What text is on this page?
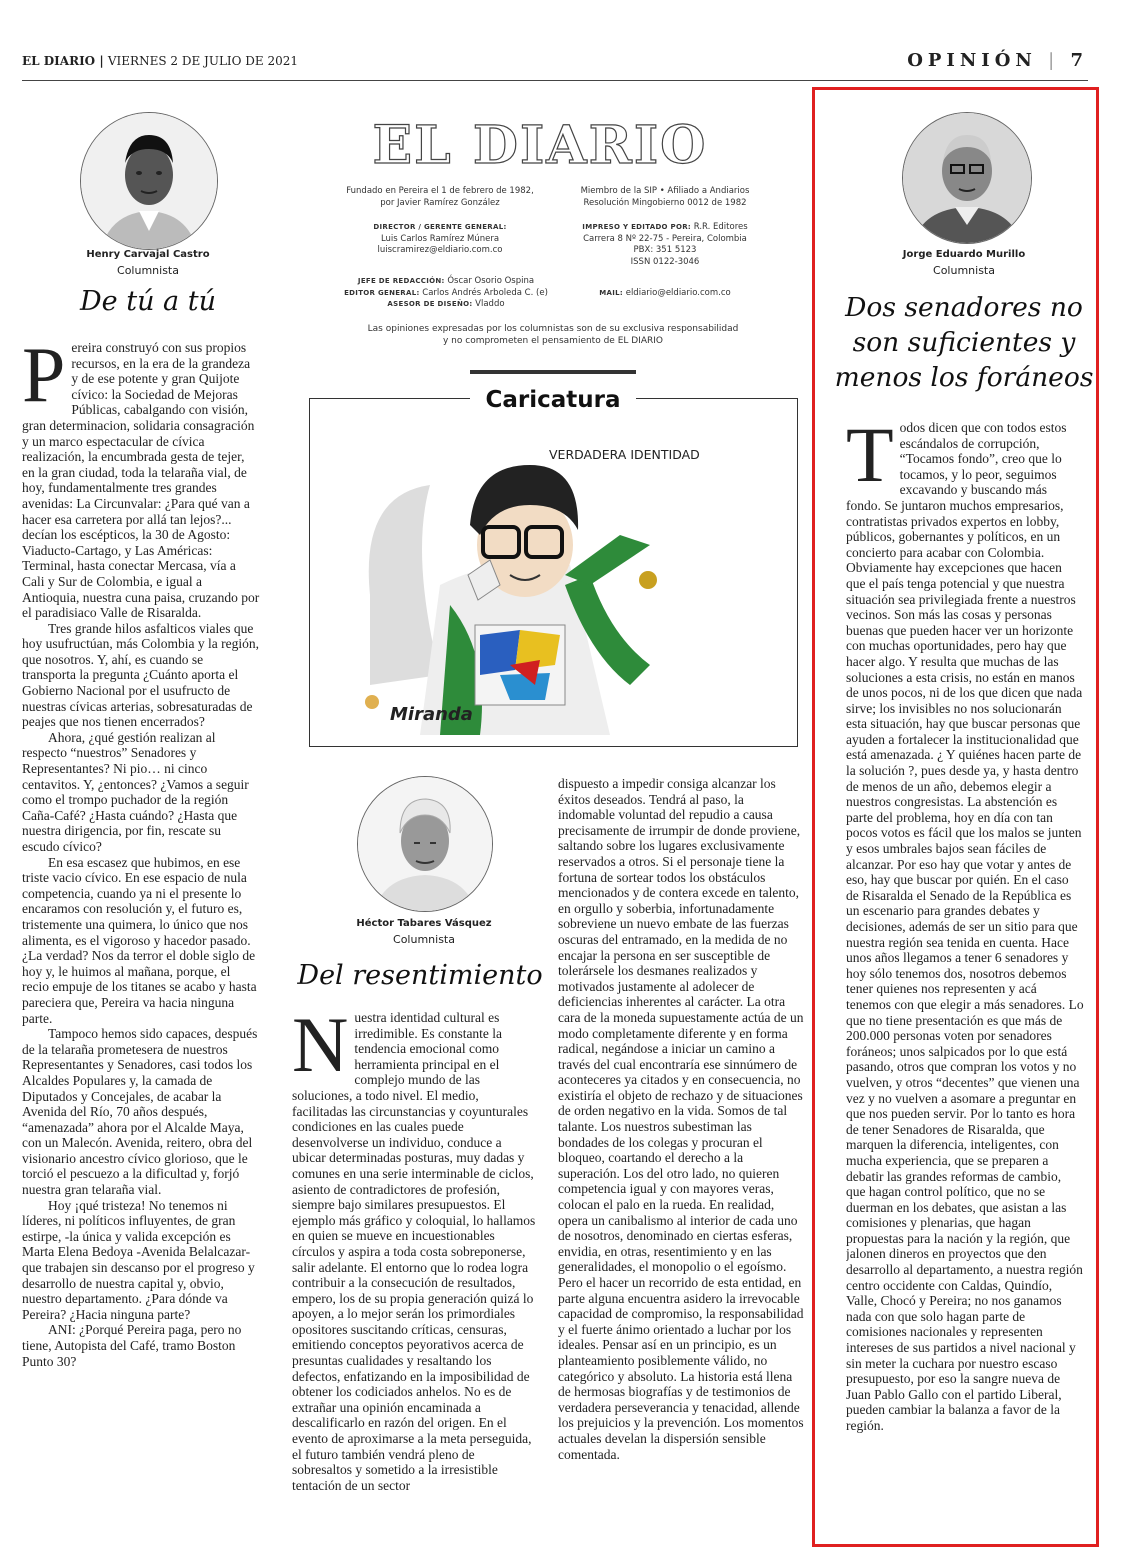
EL DIARIO | VIERNES 2 DE JULIO DE 2021	OPINIÓN | 7
Henry Carvajal Castro
Columnista
De tú a tú

Pereira construyó con sus propios recursos, en la era de la grandeza y de ese potente y gran Quijote cívico: la Sociedad de Mejoras Públicas, cabalgando con visión, gran determinacion, solidaria consagración y un marco espectacular de cívica realización, la encumbrada gesta de tejer, en la gran ciudad, toda la telaraña vial, de hoy, fundamentalmente tres grandes avenidas: La Circunvalar: ¿Para qué van a hacer esa carretera por allá tan lejos?... decían los escépticos, la 30 de Agosto: Viaducto-Cartago, y Las Américas: Terminal, hasta conectar Mercasa, vía a Cali y Sur de Colombia, e igual a Antioquia, nuestra cuna paisa, cruzando por el paradisiaco Valle de Risaralda.

Tres grande hilos asfalticos viales que hoy usufructúan, más Colombia y la región, que nosotros. Y, ahí, es cuando se transporta la pregunta ¿Cuánto aporta el Gobierno Nacional por el usufructo de nuestras cívicas arterias, sobresaturadas de peajes que nos tienen encerrados?

Ahora, ¿qué gestión realizan al respecto “nuestros” Senadores y Representantes? Ni pio… ni cinco centavitos. Y, ¿entonces? ¿Vamos a seguir como el trompo puchador de la región Caña-Café? ¿Hasta cuándo? ¿Hasta que nuestra dirigencia, por fin, rescate su escudo cívico?

En esa escasez que hubimos, en ese triste vacio cívico. En ese espacio de nula competencia, cuando ya ni el presente lo encaramos con resolución y, el futuro es, tristemente una quimera, lo único que nos alimenta, es el vigoroso y hacedor pasado. ¿La verdad? Nos da terror el doble siglo de hoy y, le huimos al mañana, porque, el recio empuje de los titanes se acabo y hasta pareciera que, Pereira va hacia ninguna parte.

Tampoco hemos sido capaces, después de la telaraña prometesera de nuestros Representantes y Senadores, casi todos los Alcaldes Populares y, la camada de Diputados y Concejales, de acabar la Avenida del Río, 70 años después, “amenazada” ahora por el Alcalde Maya, con un Malecón. Avenida, reitero, obra del visionario ancestro cívico glorioso, que le torció el pescuezo a la dificultad y, forjó nuestra gran telaraña vial.

Hoy ¡qué tristeza! No tenemos ni líderes, ni políticos influyentes, de gran estirpe, -la única y valida excepción es Marta Elena Bedoya -Avenida Belalcazar- que trabajen sin descanso por el progreso y desarrollo de nuestra capital y, obvio, nuestro departamento. ¿Para dónde va Pereira? ¿Hacia ninguna parte?

ANI: ¿Porqué Pereira paga, pero no tiene, Autopista del Café, tramo Boston Punto 30?

EL DIARIO
Fundado en Pereira el 1 de febrero de 1982,
por Javier Ramírez González
Miembro de la SIP • Afiliado a Andiarios
Resolución Mingobierno 0012 de 1982
DIRECTOR / GERENTE GENERAL:
Luis Carlos Ramírez Múnera
luiscramirez@eldiario.com.co
IMPRESO Y EDITADO POR: R.R. Editores
Carrera 8 Nº 22-75 - Pereira, Colombia
PBX: 351 5123
ISSN 0122-3046
JEFE DE REDACCIÓN: Óscar Osorio Ospina
EDITOR GENERAL: Carlos Andrés Arboleda C. (e)
ASESOR DE DISEÑO: Vladdo
MAIL: eldiario@eldiario.com.co
Las opiniones expresadas por los columnistas son de su exclusiva responsabilidad
y no comprometen el pensamiento de EL DIARIO
Caricatura
VERDADERA IDENTIDAD
Miranda
Héctor Tabares Vásquez
Columnista
Del resentimiento

Nuestra identidad cultural es irredimible. Es constante la tendencia emocional como herramienta principal en el complejo mundo de las soluciones, a todo nivel. El medio, facilitadas las circunstancias y coyunturales condiciones en las cuales puede desenvolverse un individuo, conduce a ubicar determinadas posturas, muy dadas y comunes en una serie interminable de ciclos, asiento de contradictores de profesión, siempre bajo similares presupuestos. El ejemplo más gráfico y coloquial, lo hallamos en quien se mueve en incuestionables círculos y aspira a toda costa sobreponerse, salir adelante. El entorno que lo rodea logra contribuir a la consecución de resultados, empero, los de su propia generación quizá lo apoyen, a lo mejor serán los primordiales opositores suscitando críticas, censuras, emitiendo conceptos peyorativos acerca de presuntas cualidades y resaltando los defectos, enfatizando en la imposibilidad de obtener los codiciados anhelos. No es de extrañar una opinión encaminada a descalificarlo en razón del origen. En el evento de aproximarse a la meta perseguida, el futuro también vendrá pleno de sobresaltos y sometido a la irresistible tentación de un sector

dispuesto a impedir consiga alcanzar los éxitos deseados. Tendrá al paso, la indomable voluntad del repudio a causa precisamente de irrumpir de donde proviene, saltando sobre los lugares exclusivamente reservados a otros. Si el personaje tiene la fortuna de sortear todos los obstáculos mencionados y de contera excede en talento, en orgullo y soberbia, infortunadamente sobreviene un nuevo embate de las fuerzas oscuras del entramado, en la medida de no encajar la persona en ser susceptible de tolerársele los desmanes realizados y motivados justamente al adolecer de deficiencias inherentes al carácter. La otra cara de la moneda supuestamente actúa de un modo completamente diferente y en forma radical, negándose a iniciar un camino a través del cual encontraría ese sinnúmero de aconteceres ya citados y en consecuencia, no existiría el objeto de rechazo y de situaciones de orden negativo en la vida. Somos de tal talante. Los nuestros subestiman las bondades de los colegas y procuran el bloqueo, coartando el derecho a la superación. Los del otro lado, no quieren competencia igual y con mayores veras, colocan el palo en la rueda. En realidad, opera un canibalismo al interior de cada uno de nosotros, denominado en ciertas esferas, envidia, en otras, resentimiento y en las generalidades, el monopolio o el egoísmo. Pero el hacer un recorrido de esta entidad, en parte alguna encuentra asidero la irrevocable capacidad de compromiso, la responsabilidad y el fuerte ánimo orientado a luchar por los ideales. Pensar así en un principio, es un planteamiento posiblemente válido, no categórico y absoluto. La historia está llena de hermosas biografías y de testimonios de verdadera perseverancia y tenacidad, allende los prejuicios y la prevención. Los momentos actuales develan la dispersión sensible comentada.
Jorge Eduardo Murillo
Columnista
Dos senadores no son suficientes y menos los foráneos

Todos dicen que con todos estos escándalos de corrupción, “Tocamos fondo”, creo que lo tocamos, y lo peor, seguimos excavando y buscando más fondo. Se juntaron muchos empresarios, contratistas privados expertos en lobby, públicos, gobernantes y políticos, en un concierto para acabar con Colombia. Obviamente hay excepciones que hacen que el país tenga potencial y que nuestra situación sea privilegiada frente a nuestros vecinos. Son más las cosas y personas buenas que pueden hacer ver un horizonte con muchas oportunidades, pero hay que hacer algo. Y resulta que muchas de las soluciones a esta crisis, no están en manos de unos pocos, ni de los que dicen que nada sirve; los invisibles no nos solucionarán esta situación, hay que buscar personas que ayuden a fortalecer la institucionalidad que está amenazada. ¿ Y quiénes hacen parte de la solución ?, pues desde ya, y hasta dentro de menos de un año, debemos elegir a nuestros congresistas. La abstención es parte del problema, hoy en día con tan pocos votos es fácil que los malos se junten y esos umbrales bajos sean fáciles de alcanzar. Por eso hay que votar y antes de eso, hay que buscar por quién. En el caso de Risaralda el Senado de la República es un escenario para grandes debates y decisiones, además de ser un sitio para que nuestra región sea tenida en cuenta. Hace unos años llegamos a tener 6 senadores y hoy sólo tenemos dos, nosotros debemos tener quienes nos representen y acá tenemos con que elegir a más senadores. Lo que no tiene presentación es que más de 200.000 personas voten por senadores foráneos; unos salpicados por lo que está pasando, otros que compran los votos y no vuelven, y otros “decentes” que vienen una vez y no vuelven a asomare a preguntar en que nos pueden servir. Por lo tanto es hora de tener Senadores de Risaralda, que marquen la diferencia, inteligentes, con mucha experiencia, que se preparen a debatir las grandes reformas de cambio, que hagan control político, que no se duerman en los debates, que asistan a las comisiones y plenarias, que hagan propuestas para la nación y la región, que jalonen dineros en proyectos que den desarrollo al departamento, a nuestra región centro occidente con Caldas, Quindío, Valle, Chocó y Pereira; no nos ganamos nada con que solo hagan parte de comisiones nacionales y representen intereses de sus partidos a nivel nacional y sin meter la cuchara por nuestro escaso presupuesto, por eso la sangre nueva de Juan Pablo Gallo con el partido Liberal, pueden cambiar la balanza a favor de la región.
